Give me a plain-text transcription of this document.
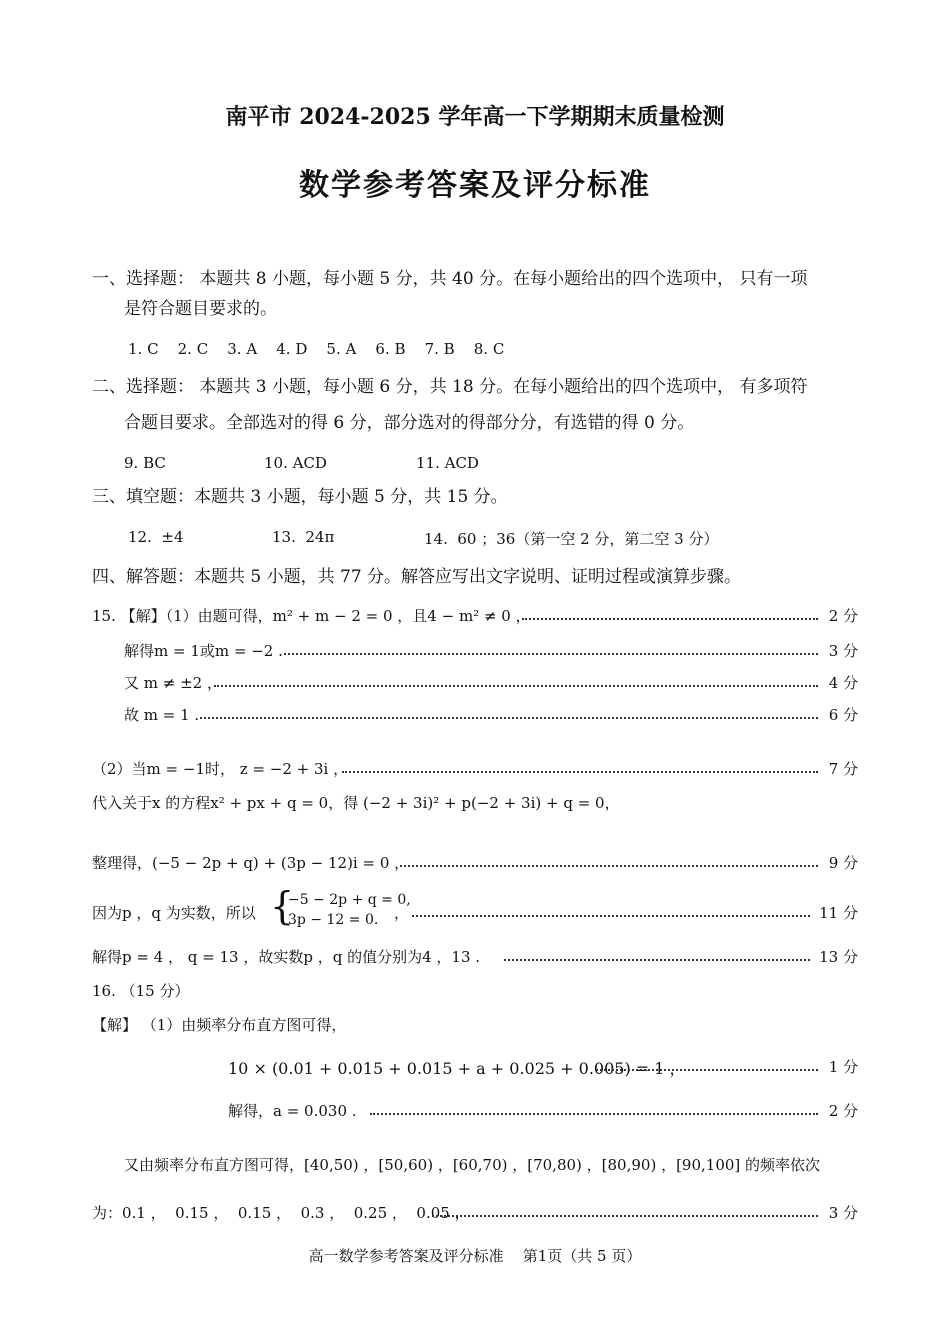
南平市 2024-2025 学年高一下学期期末质量检测
数学参考答案及评分标准
一、选择题： 本题共 8 小题，每小题 5 分，共 40 分。在每小题给出的四个选项中， 只有一项
是符合题目要求的。
1. C    2. C    3. A    4. D    5. A    6. B    7. B    8. C
二、选择题： 本题共 3 小题，每小题 6 分，共 18 分。在每小题给出的四个选项中， 有多项符
合题目要求。全部选对的得 6 分，部分选对的得部分分，有选错的得 0 分。
9. BC	10. ACD	11. ACD
三、填空题：本题共 3 小题，每小题 5 分，共 15 分。
12.  ±4	13.  24π	14.  60 ；36（第一空 2 分，第二空 3 分）
四、解答题：本题共 5 小题，共 77 分。解答应写出文字说明、证明过程或演算步骤。
15. 【解】（1）由题可得，m² + m − 2 = 0 ，且4 − m² ≠ 0 ，	2 分
解得m = 1或m = −2 .	3 分
又 m ≠ ±2 ，	4 分
故 m = 1 .	6 分
（2）当m = −1时， z = −2 + 3i ，	7 分
代入关于x 的方程x² + px + q = 0，得 (−2 + 3i)² + p(−2 + 3i) + q = 0，
整理得，(−5 − 2p + q) + (3p − 12)i = 0 ，	9 分
因为p ，q 为实数，所以 {
−5 − 2p + q = 0,
3p − 12 = 0. ，	11 分
解得p = 4 ， q = 13 ，故实数p ，q 的值分别为4 ，13 .	13 分
16. （15 分）
【解】 （1）由频率分布直方图可得，
10 × (0.01 + 0.015 + 0.015 + a + 0.025 + 0.005) = 1 ，	1 分
解得，a = 0.030 .	2 分
又由频率分布直方图可得，[40,50) ，[50,60) ，[60,70) ，[70,80) ，[80,90) ，[90,100] 的频率依次
为：0.1 ，  0.15 ，  0.15 ，  0.3 ，  0.25 ，  0.05 ，	3 分
高一数学参考答案及评分标准    第1页（共 5 页）
